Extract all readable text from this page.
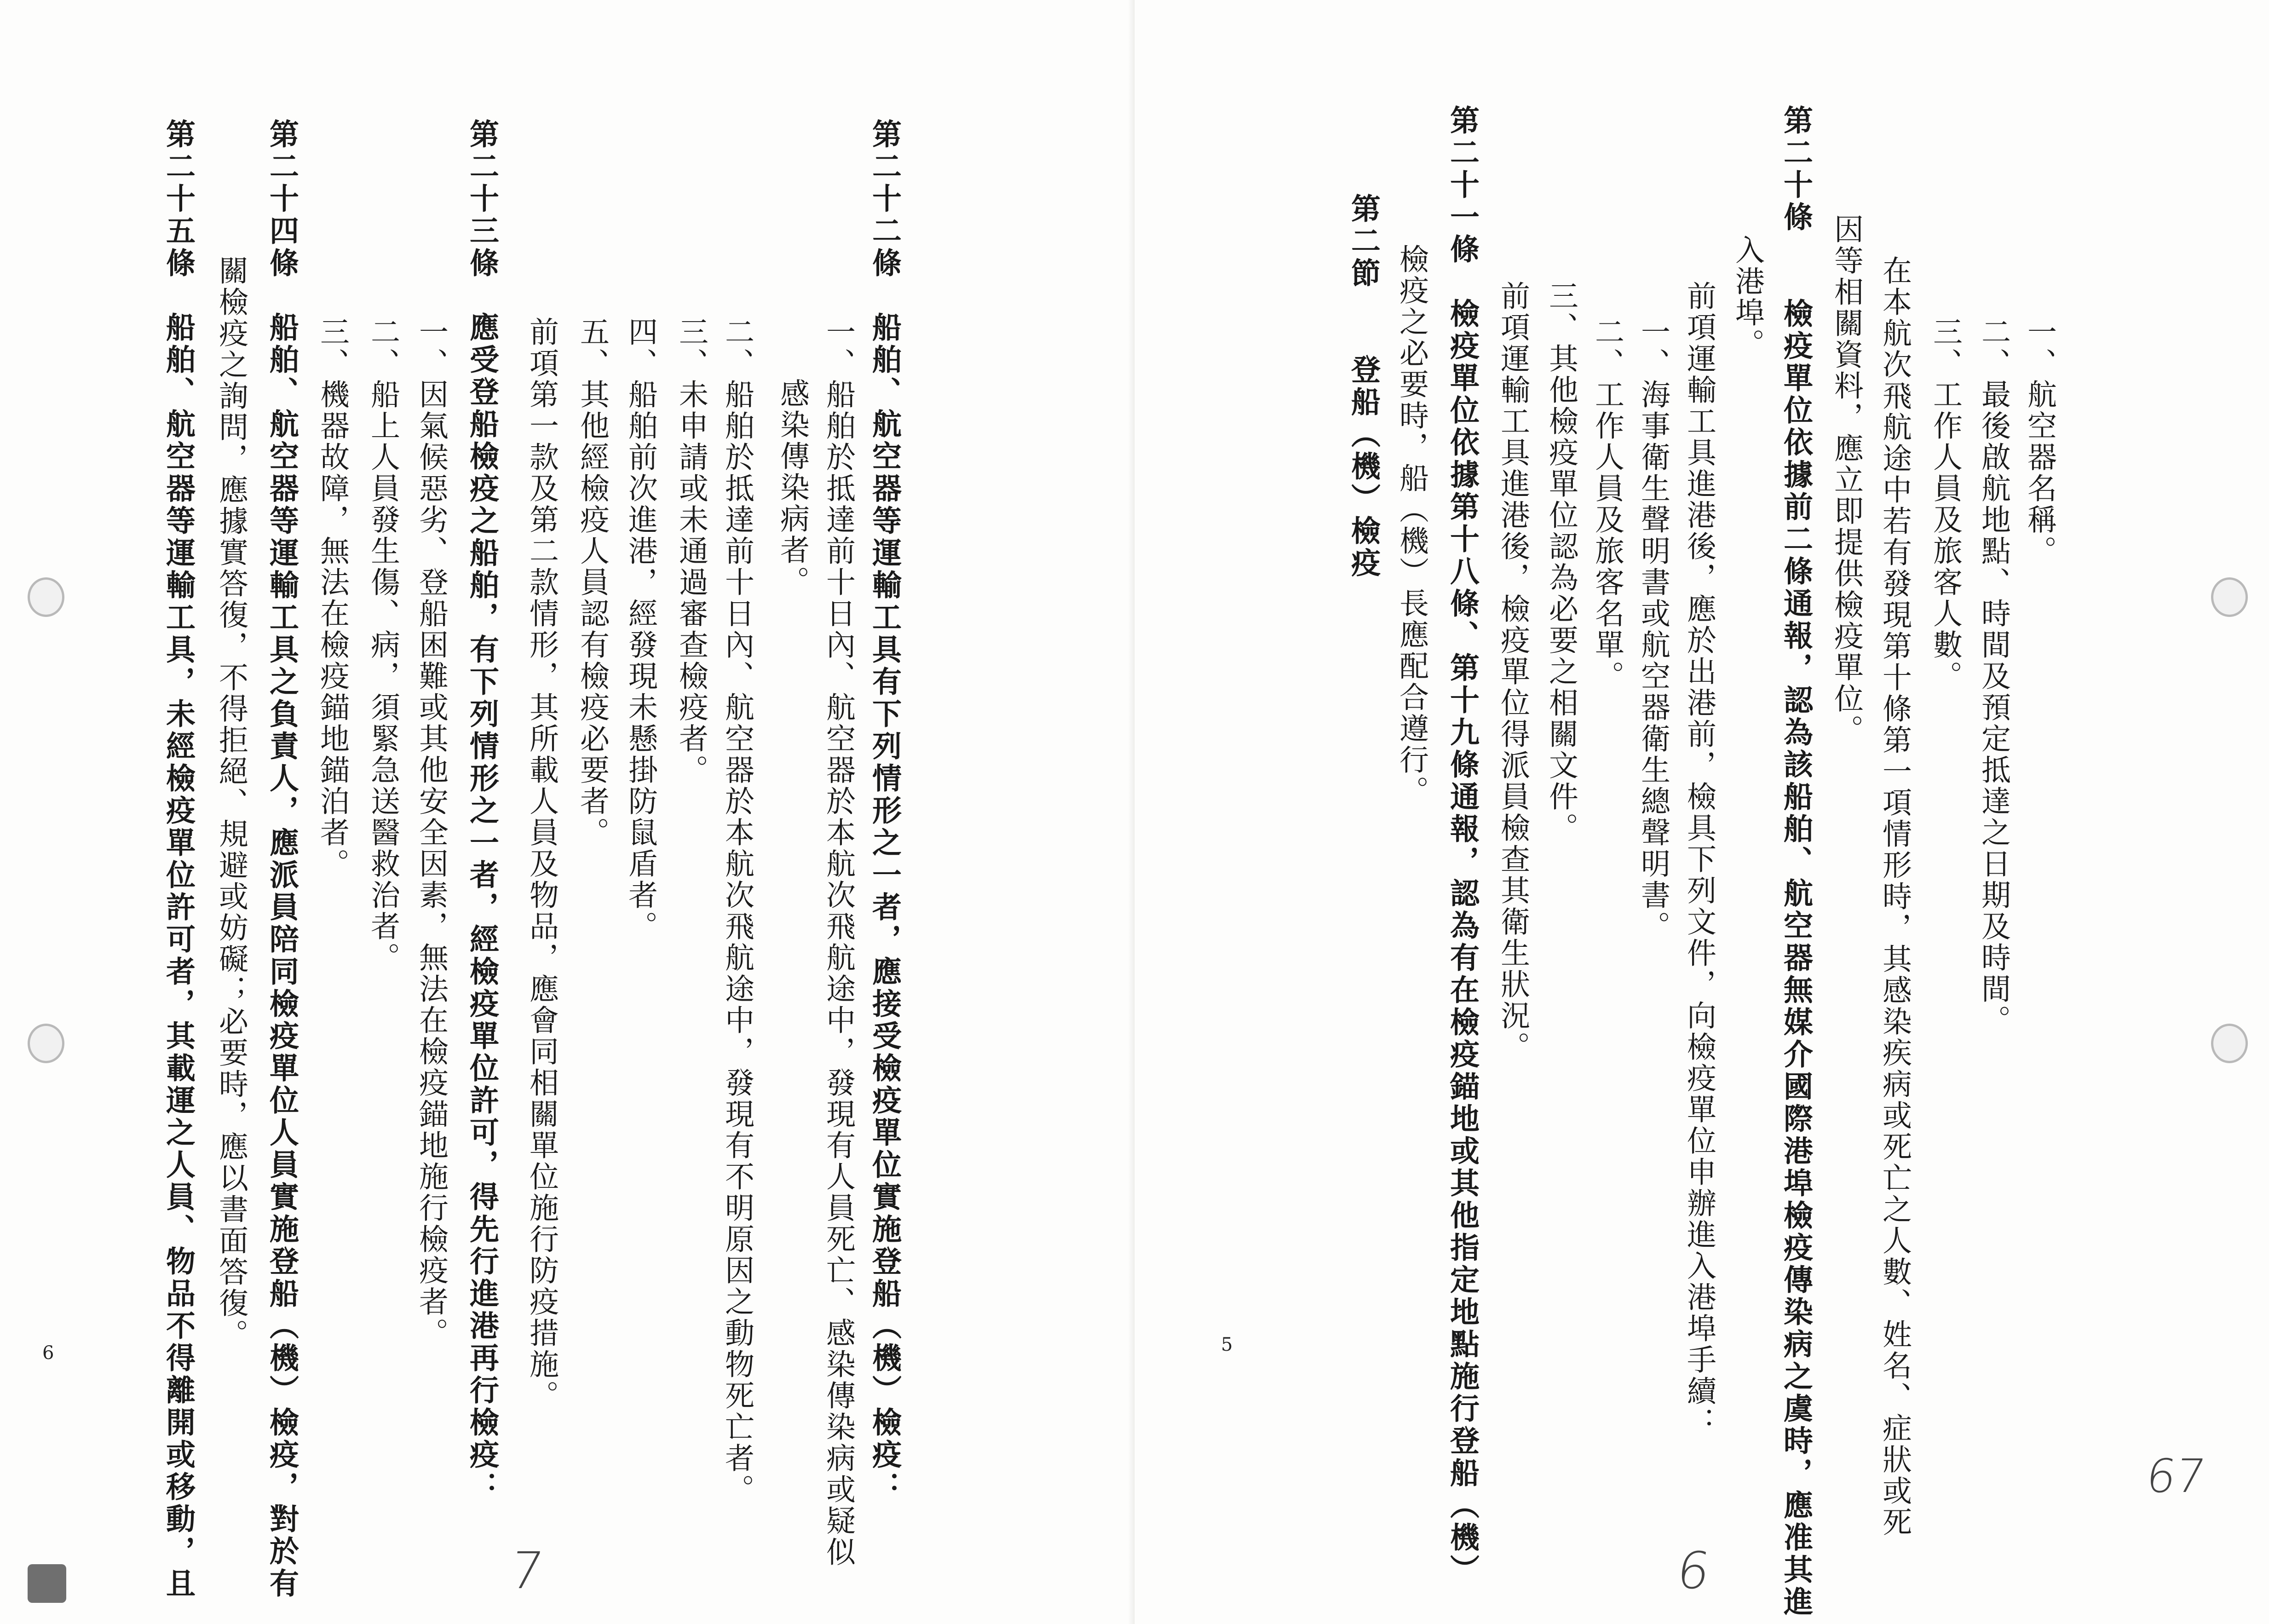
第二十二條　船舶、航空器等運輸工具有下列情形之一者，應接受檢疫單位實施登船（機）檢疫：

一、船舶於抵達前十日內、航空器於本航次飛航途中，發現有人員死亡、感染傳染病或疑似

感染傳染病者。

二、船舶於抵達前十日內、航空器於本航次飛航途中，發現有不明原因之動物死亡者。

三、未申請或未通過審查檢疫者。

四、船舶前次進港，經發現未懸掛防鼠盾者。

五、其他經檢疫人員認有檢疫必要者。

前項第一款及第二款情形，其所載人員及物品，應會同相關單位施行防疫措施。

第二十三條　應受登船檢疫之船舶，有下列情形之一者，經檢疫單位許可，得先行進港再行檢疫：

一、因氣候惡劣、登船困難或其他安全因素，無法在檢疫錨地施行檢疫者。

二、船上人員發生傷、病，須緊急送醫救治者。

三、機器故障，無法在檢疫錨地錨泊者。

第二十四條　船舶、航空器等運輸工具之負責人，應派員陪同檢疫單位人員實施登船（機）檢疫，對於有

關檢疫之詢問，應據實答復，不得拒絕、規避或妨礙；必要時，應以書面答復。

第二十五條　船舶、航空器等運輸工具，未經檢疫單位許可者，其載運之人員、物品不得離開或移動，且

6
7

一、航空器名稱。

二、最後啟航地點、時間及預定抵達之日期及時間。

三、工作人員及旅客人數。

在本航次飛航途中若有發現第十條第一項情形時，其感染疾病或死亡之人數、姓名、症狀或死

因等相關資料，應立即提供檢疫單位。

第二十條　　檢疫單位依據前二條通報，認為該船舶、航空器無媒介國際港埠檢疫傳染病之虞時，應准其進

入港埠。

前項運輸工具進港後，應於出港前，檢具下列文件，向檢疫單位申辦進入港埠手續：

一、海事衛生聲明書或航空器衛生總聲明書。

二、工作人員及旅客名單。

三、其他檢疫單位認為必要之相關文件。

前項運輸工具進港後，檢疫單位得派員檢查其衛生狀況。

第二十一條　檢疫單位依據第十八條、第十九條通報，認為有在檢疫錨地或其他指定地點施行登船（機）

檢疫之必要時，船（機）長應配合遵行。

第二節　　登船（機）檢疫

5
6
67
